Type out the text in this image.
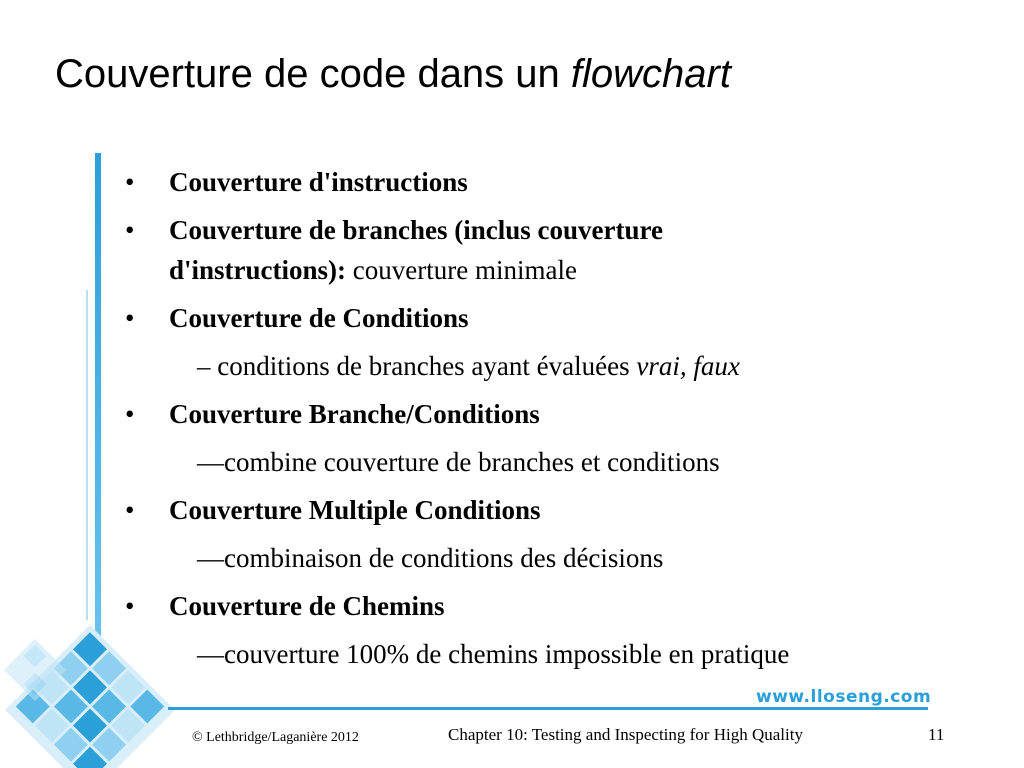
Couverture de code dans un flowchart
www.lloseng.com
•	Couverture d'instructions
•	Couverture de branches (inclus couverture d'instructions): couverture minimale
•	Couverture de Conditions
– conditions de branches ayant évaluées vrai, faux
•	Couverture Branche/Conditions
—combine couverture de branches et conditions
•	Couverture Multiple Conditions
—combinaison de conditions des décisions
•	Couverture de Chemins
—couverture 100% de chemins impossible en pratique
© Lethbridge/Laganière 2012	Chapter 10: Testing and Inspecting for High Quality	11
